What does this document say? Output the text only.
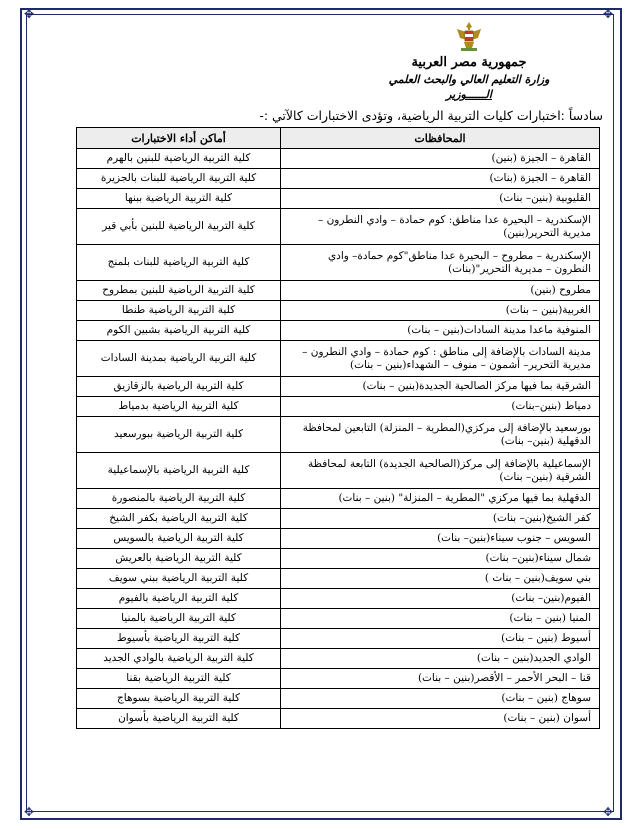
✥	✥
✥	✥

جمهورية مصر العربية

وزارة التعليم العالي والبحث العلمي

الــــــوزير

سادساً :اختبارات كليات التربية الرياضية، وتؤدى الاختبارات كالآتي :-
المحافظات	أماكن أداء الاختبارات
القاهرة – الجيزة (بنين)	كلية التربية الرياضية للبنين بالهرم
القاهرة – الجيزة (بنات)	كلية التربية الرياضية للبنات بالجزيرة
القليوبية (بنين– بنات)	كلية التربية الرياضية ببنها
الإسكندرية – البحيرة عدا مناطق: كوم حمادة – وادي النطرون – مديرية التحرير(بنين)	كلية التربية الرياضية للبنين بأبي قير
الإسكندرية – مطروح – البحيرة عدا مناطق"كوم حمادة– وادي النطرون – مديرية التحرير"(بنات)	كلية التربية الرياضية للبنات بلمنج
مطروح (بنين)	كلية التربية الرياضية للبنين بمطروح
الغربية(بنين – بنات)	كلية التربية الرياضية طنطا
المنوفية ماعدا مدينة السادات(بنين – بنات)	كلية التربية الرياضية بشبين الكوم
مدينة السادات بالإضافة إلى مناطق : كوم حمادة – وادي النطرون – مديرية التحرير– أشمون – منوف – الشهداء(بنين – بنات)	كلية التربية الرياضية بمدينة السادات
الشرقية بما فيها مركز الصالحية الجديدة(بنين – بنات)	كلية التربية الرياضية بالزقازيق
دمياط (بنين–بنات)	كلية التربية الرياضية بدمياط
بورسعيد بالإضافة إلى مركزي(المطرية – المنزلة) التابعين لمحافظة الدقهلية (بنين– بنات)	كلية التربية الرياضية ببورسعيد
الإسماعيلية بالإضافة إلى مركز(الصالحية الجديدة) التابعة لمحافظة الشرقية (بنين– بنات)	كلية التربية الرياضية بالإسماعيلية
الدقهلية بما فيها مركزي "المطرية – المنزلة" (بنين – بنات)	كلية التربية الرياضية بالمنصورة
كفر الشيخ(بنين– بنات)	كلية التربية الرياضية بكفر الشيخ
السويس – جنوب سيناء(بنين– بنات)	كلية التربية الرياضية بالسويس
شمال سيناء(بنين– بنات)	كلية التربية الرياضية بالعريش
بني سويف(بنين – بنات )	كلية التربية الرياضية ببني سويف
الفيوم(بنين– بنات)	كلية التربية الرياضية بالفيوم
المنيا (بنين – بنات)	كلية التربية الرياضية بالمنيا
أسيوط (بنين – بنات)	كلية التربية الرياضية بأسيوط
الوادي الجديد(بنين – بنات)	كلية التربية الرياضية بالوادي الجديد
قنا – البحر الأحمر – الأقصر(بنين – بنات)	كلية التربية الرياضية بقنا
سوهاج (بنين – بنات)	كلية التربية الرياضية بسوهاج
أسوان (بنين – بنات)	كلية التربية الرياضية بأسوان
